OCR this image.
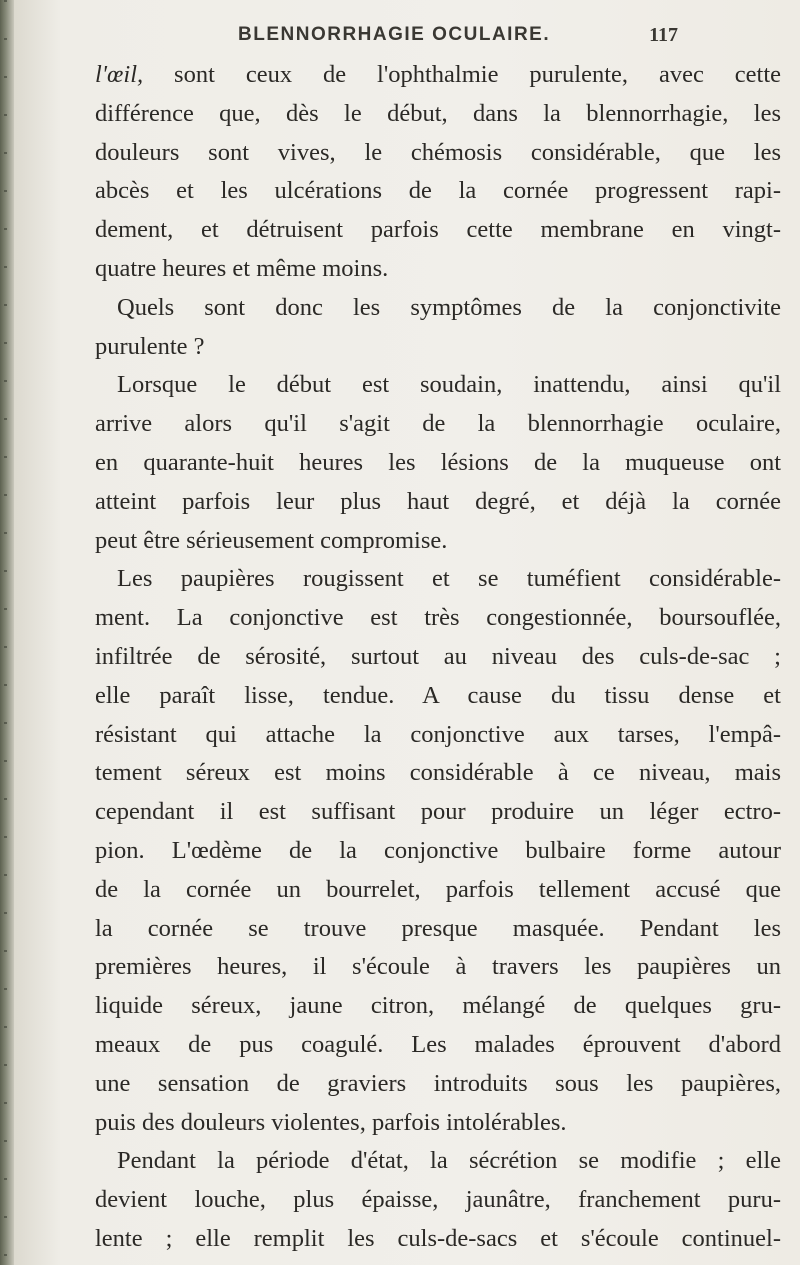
BLENNORRHAGIE OCULAIRE.	117
l'œil, sont ceux de l'ophthalmie purulente, avec cette
différence que, dès le début, dans la blennorrhagie, les
douleurs sont vives, le chémosis considérable, que les
abcès et les ulcérations de la cornée progressent rapi-
dement, et détruisent parfois cette membrane en vingt-
quatre heures et même moins.
Quels sont donc les symptômes de la conjonctivite
purulente ?
Lorsque le début est soudain, inattendu, ainsi qu'il
arrive alors qu'il s'agit de la blennorrhagie oculaire,
en quarante-huit heures les lésions de la muqueuse ont
atteint parfois leur plus haut degré, et déjà la cornée
peut être sérieusement compromise.
Les paupières rougissent et se tuméfient considérable-
ment. La conjonctive est très congestionnée, boursouflée,
infiltrée de sérosité, surtout au niveau des culs-de-sac ;
elle paraît lisse, tendue. A cause du tissu dense et
résistant qui attache la conjonctive aux tarses, l'empâ-
tement séreux est moins considérable à ce niveau, mais
cependant il est suffisant pour produire un léger ectro-
pion. L'œdème de la conjonctive bulbaire forme autour
de la cornée un bourrelet, parfois tellement accusé que
la cornée se trouve presque masquée. Pendant les
premières heures, il s'écoule à travers les paupières un
liquide séreux, jaune citron, mélangé de quelques gru-
meaux de pus coagulé. Les malades éprouvent d'abord
une sensation de graviers introduits sous les paupières,
puis des douleurs violentes, parfois intolérables.
Pendant la période d'état, la sécrétion se modifie ; elle
devient louche, plus épaisse, jaunâtre, franchement puru-
lente ; elle remplit les culs-de-sacs et s'écoule continuel-
